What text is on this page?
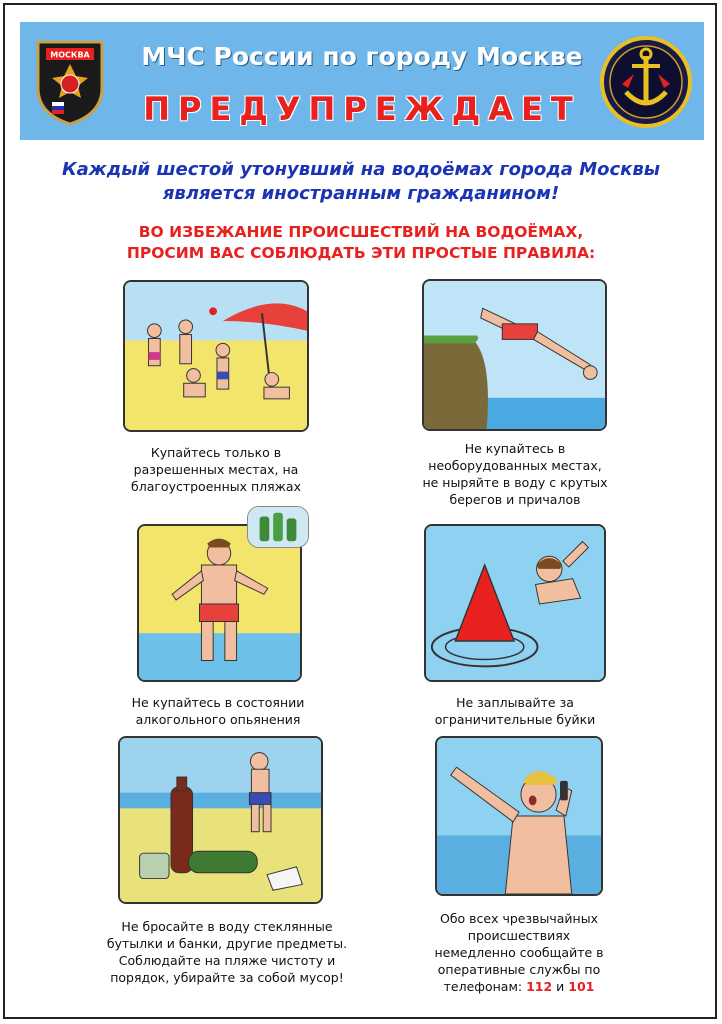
МОСКВА	МЧС России по городу Москве
ПРЕДУПРЕЖДАЕТ
Каждый шестой утонувший на водоёмах города Москвы
является иностранным гражданином!
ВО ИЗБЕЖАНИЕ ПРОИСШЕСТВИЙ НА ВОДОЁМАХ,
ПРОСИМ ВАС СОБЛЮДАТЬ ЭТИ ПРОСТЫЕ ПРАВИЛА:
Купайтесь только в
разрешенных местах, на
благоустроенных пляжах
Не купайтесь в
необорудованных местах,
не ныряйте в воду с крутых
берегов и причалов
Не купайтесь в состоянии
алкогольного опьянения
Не заплывайте за
ограничительные буйки
Не бросайте в воду стеклянные
бутылки и банки, другие предметы.
Соблюдайте на пляже чистоту и
порядок, убирайте за собой мусор!
Обо всех чрезвычайных
происшествиях
немедленно сообщайте в
оперативные службы по
телефонам: 112 и 101
